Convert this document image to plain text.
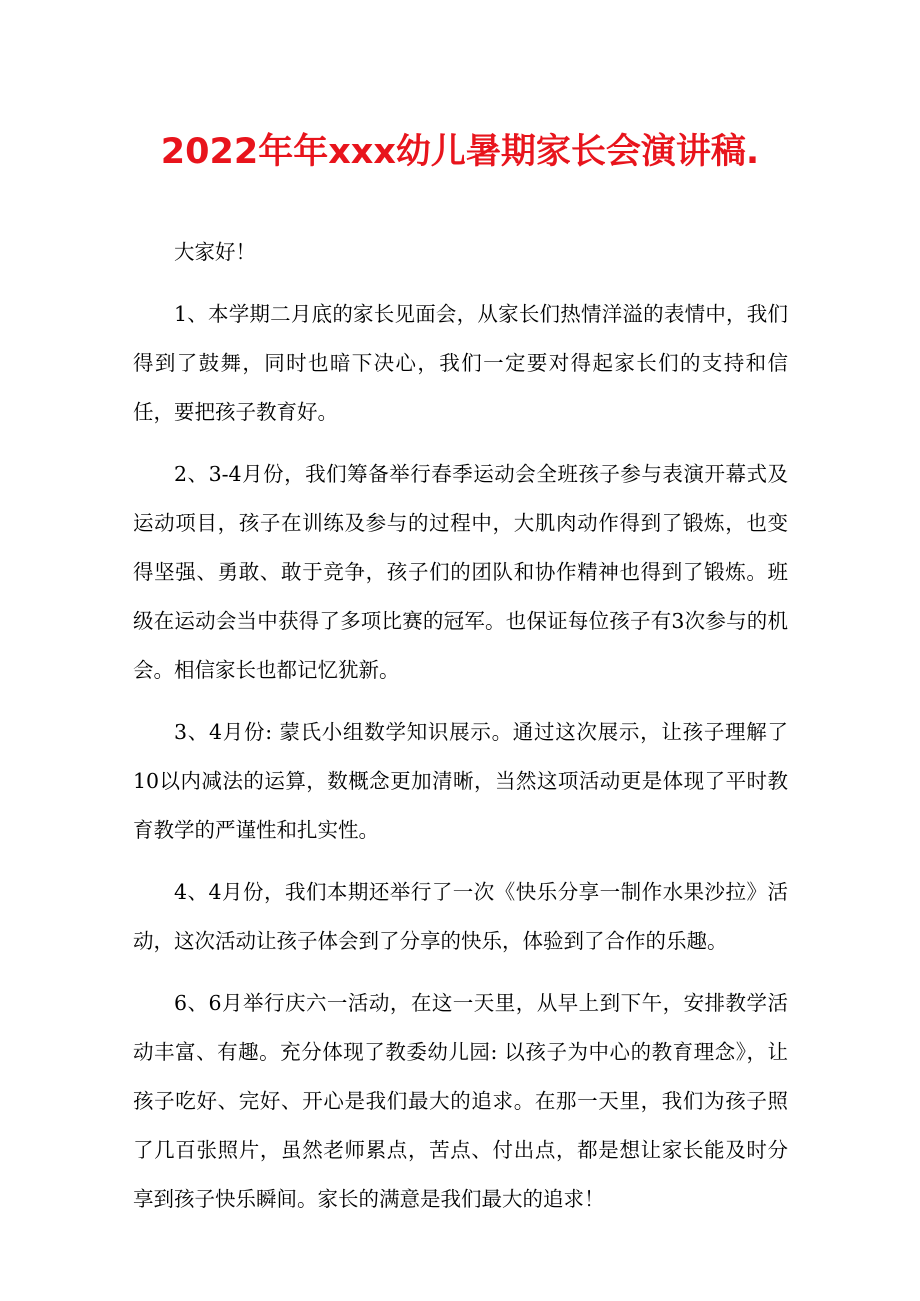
2022年年xxx幼儿暑期家长会演讲稿.

大家好！

1、本学期二月底的家长见面会，从家长们热情洋溢的表情中，我们得到了鼓舞，同时也暗下决心，我们一定要对得起家长们的支持和信任，要把孩子教育好。

2、3-4月份，我们筹备举行春季运动会全班孩子参与表演开幕式及运动项目，孩子在训练及参与的过程中，大肌肉动作得到了锻炼，也变得坚强、勇敢、敢于竞争，孩子们的团队和协作精神也得到了锻炼。班级在运动会当中获得了多项比赛的冠军。也保证每位孩子有3次参与的机会。相信家长也都记忆犹新。

3、4月份: 蒙氏小组数学知识展示。通过这次展示，让孩子理解了10以内减法的运算，数概念更加清晰，当然这项活动更是体现了平时教育教学的严谨性和扎实性。

4、4月份，我们本期还举行了一次《快乐分享一制作水果沙拉》活动，这次活动让孩子体会到了分享的快乐，体验到了合作的乐趣。

6、6月举行庆六一活动，在这一天里，从早上到下午，安排教学活动丰富、有趣。充分体现了教委幼儿园: 以孩子为中心的教育理念》，让孩子吃好、完好、开心是我们最大的追求。在那一天里，我们为孩子照了几百张照片，虽然老师累点，苦点、付出点，都是想让家长能及时分享到孩子快乐瞬间。家长的满意是我们最大的追求！
